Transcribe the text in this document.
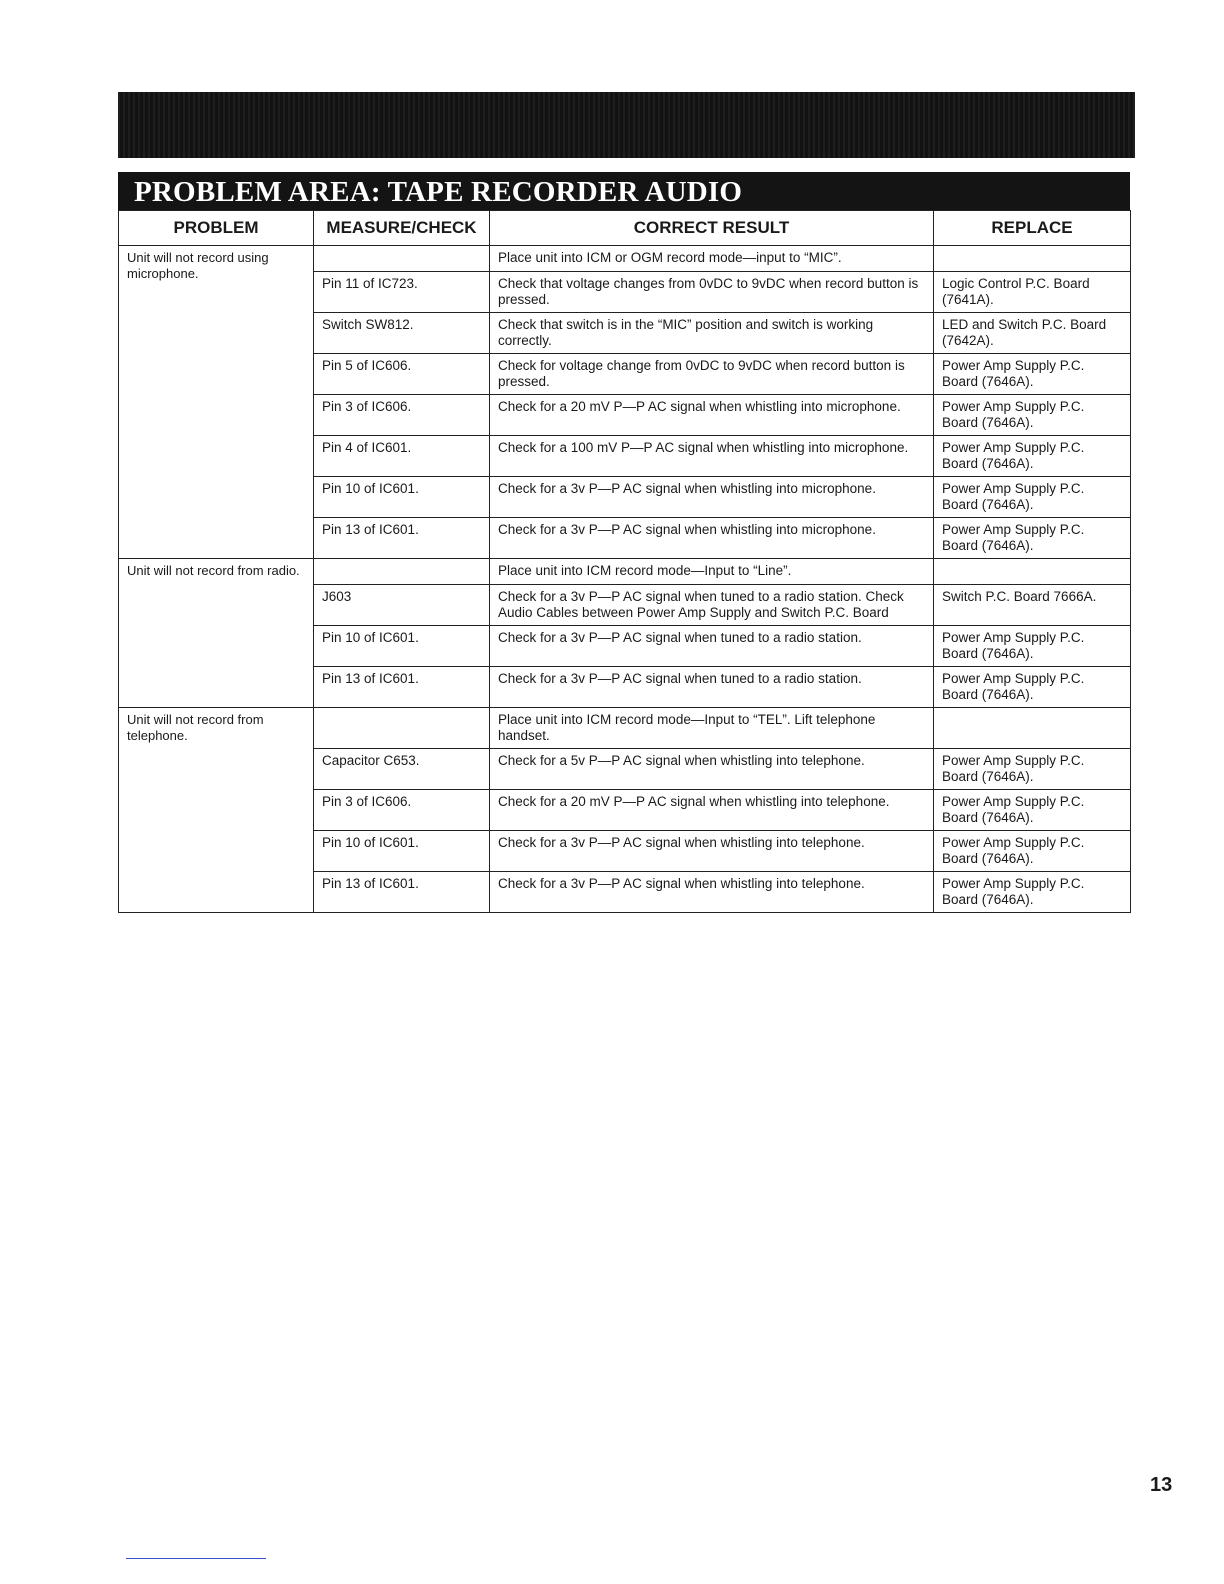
PROBLEM AREA: TAPE RECORDER AUDIO
PROBLEM	MEASURE/CHECK	CORRECT RESULT	REPLACE
Unit will not record using microphone.		Place unit into ICM or OGM record mode—input to “MIC”.	
	Pin 11 of IC723.	Check that voltage changes from 0vDC to 9vDC when record button is pressed.	Logic Control P.C. Board (7641A).
	Switch SW812.	Check that switch is in the “MIC” position and switch is working correctly.	LED and Switch P.C. Board (7642A).
	Pin 5 of IC606.	Check for voltage change from 0vDC to 9vDC when record button is pressed.	Power Amp Supply P.C. Board (7646A).
	Pin 3 of IC606.	Check for a 20 mV P—P AC signal when whistling into microphone.	Power Amp Supply P.C. Board (7646A).
	Pin 4 of IC601.	Check for a 100 mV P—P AC signal when whistling into microphone.	Power Amp Supply P.C. Board (7646A).
	Pin 10 of IC601.	Check for a 3v P—P AC signal when whistling into microphone.	Power Amp Supply P.C. Board (7646A).
	Pin 13 of IC601.	Check for a 3v P—P AC signal when whistling into microphone.	Power Amp Supply P.C. Board (7646A).
Unit will not record from radio.		Place unit into ICM record mode—Input to “Line”.	
	J603	Check for a 3v P—P AC signal when tuned to a radio station. Check Audio Cables between Power Amp Supply and Switch P.C. Board	Switch P.C. Board 7666A.
	Pin 10 of IC601.	Check for a 3v P—P AC signal when tuned to a radio station.	Power Amp Supply P.C. Board (7646A).
	Pin 13 of IC601.	Check for a 3v P—P AC signal when tuned to a radio station.	Power Amp Supply P.C. Board (7646A).
Unit will not record from telephone.		Place unit into ICM record mode—Input to “TEL”. Lift telephone handset.	
	Capacitor C653.	Check for a 5v P—P AC signal when whistling into telephone.	Power Amp Supply P.C. Board (7646A).
	Pin 3 of IC606.	Check for a 20 mV P—P AC signal when whistling into telephone.	Power Amp Supply P.C. Board (7646A).
	Pin 10 of IC601.	Check for a 3v P—P AC signal when whistling into telephone.	Power Amp Supply P.C. Board (7646A).
	Pin 13 of IC601.	Check for a 3v P—P AC signal when whistling into telephone.	Power Amp Supply P.C. Board (7646A).
13
